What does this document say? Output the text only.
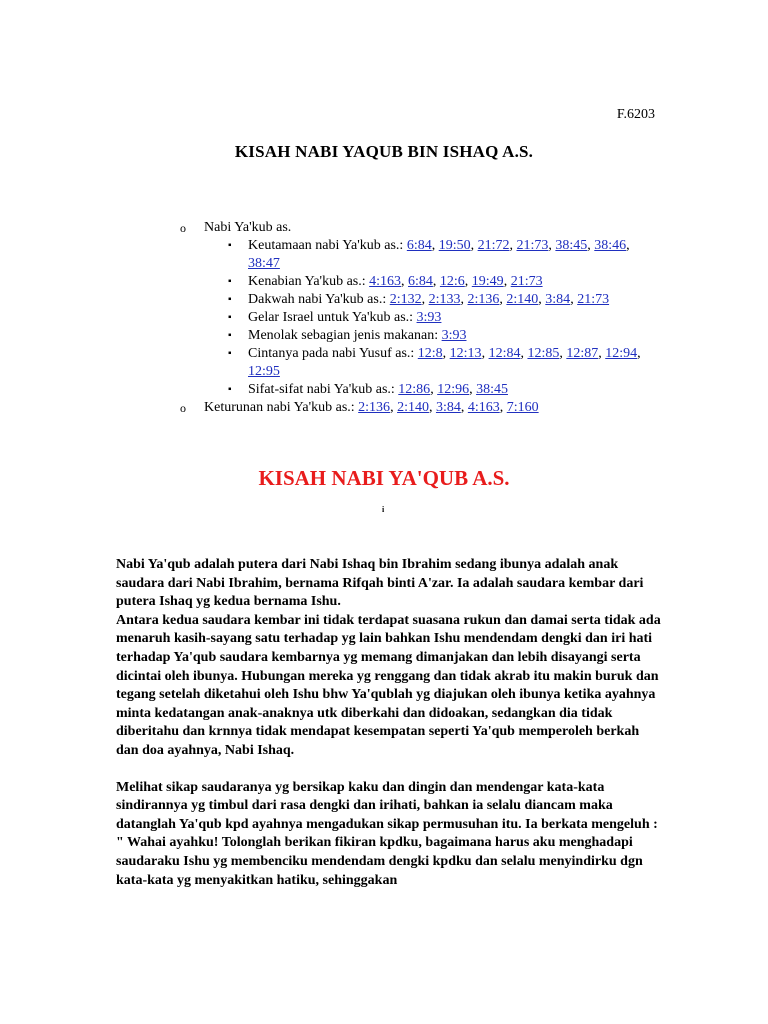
F.6203
KISAH NABI YAQUB BIN ISHAQ A.S.
o Nabi Ya'kub as.
▪ Keutamaan nabi Ya'kub as.: 6:84, 19:50, 21:72, 21:73, 38:45, 38:46, 38:47
▪ Kenabian Ya'kub as.: 4:163, 6:84, 12:6, 19:49, 21:73
▪ Dakwah nabi Ya'kub as.: 2:132, 2:133, 2:136, 2:140, 3:84, 21:73
▪ Gelar Israel untuk Ya'kub as.: 3:93
▪ Menolak sebagian jenis makanan: 3:93
▪ Cintanya pada nabi Yusuf as.: 12:8, 12:13, 12:84, 12:85, 12:87, 12:94, 12:95
▪ Sifat-sifat nabi Ya'kub as.: 12:86, 12:96, 38:45
o Keturunan nabi Ya'kub as.: 2:136, 2:140, 3:84, 4:163, 7:160
KISAH NABI YA'QUB A.S.
i

Nabi Ya'qub adalah putera dari Nabi Ishaq bin Ibrahim sedang ibunya adalah anak saudara dari Nabi Ibrahim, bernama Rifqah binti A'zar. Ia adalah saudara kembar dari putera Ishaq yg kedua bernama Ishu.

Antara kedua saudara kembar ini tidak terdapat suasana rukun dan damai serta tidak ada menaruh kasih-sayang satu terhadap yg lain bahkan Ishu mendendam dengki dan iri hati terhadap Ya'qub saudara kembarnya yg memang dimanjakan dan lebih disayangi serta dicintai oleh ibunya. Hubungan mereka yg renggang dan tidak akrab itu makin buruk dan tegang setelah diketahui oleh Ishu bhw Ya'qublah yg diajukan oleh ibunya ketika ayahnya minta kedatangan anak-anaknya utk diberkahi dan didoakan, sedangkan dia tidak diberitahu dan krnnya tidak mendapat kesempatan seperti Ya'qub memperoleh berkah dan doa ayahnya, Nabi Ishaq.

Melihat sikap saudaranya yg bersikap kaku dan dingin dan mendengar kata-kata sindirannya yg timbul dari rasa dengki dan irihati, bahkan ia selalu diancam maka datanglah Ya'qub kpd ayahnya mengadukan sikap permusuhan itu. Ia berkata mengeluh : " Wahai ayahku! Tolonglah berikan fikiran kpdku, bagaimana harus aku menghadapi saudaraku Ishu yg membenciku mendendam dengki kpdku dan selalu menyindirku dgn kata-kata yg menyakitkan hatiku, sehinggakan
